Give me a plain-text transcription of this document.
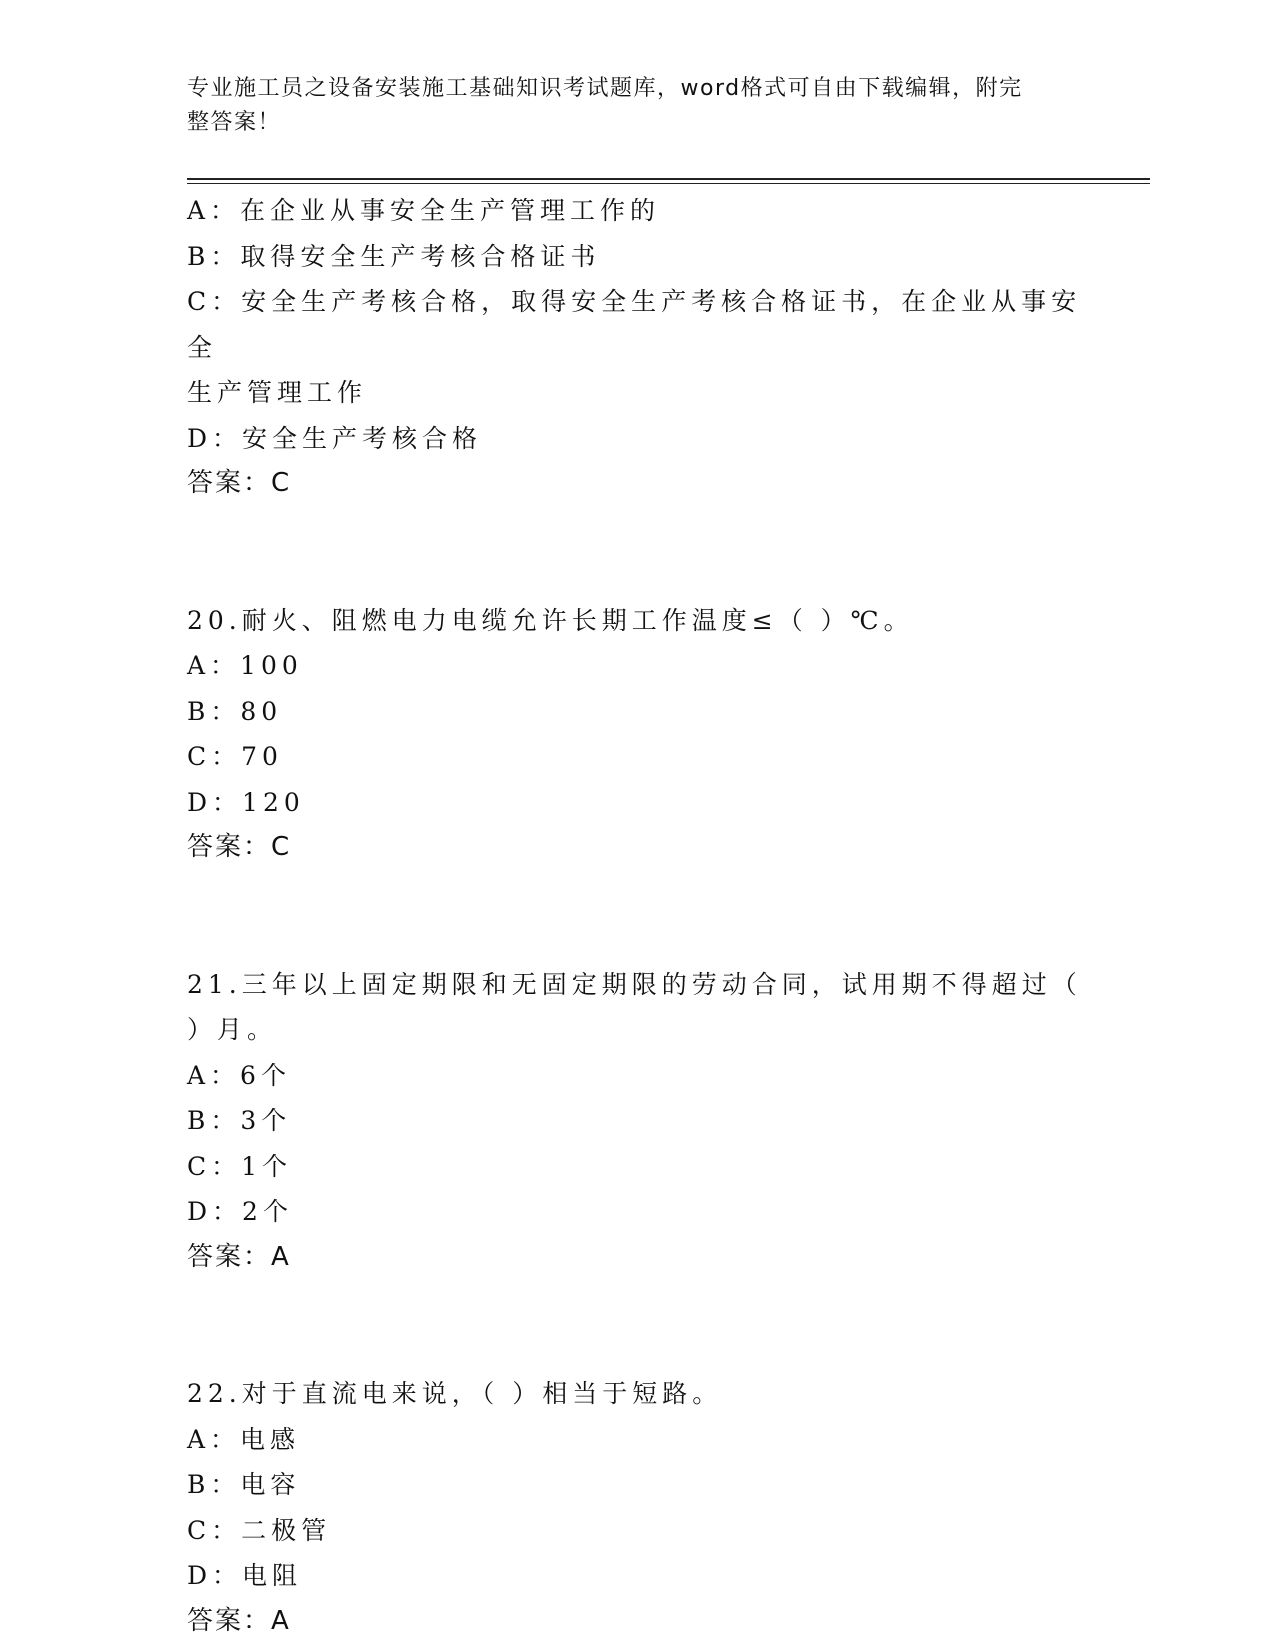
专业施工员之设备安装施工基础知识考试题库，word格式可自由下载编辑，附完
整答案！
A：在企业从事安全生产管理工作的
B：取得安全生产考核合格证书
C：安全生产考核合格，取得安全生产考核合格证书，在企业从事安全
生产管理工作
D：安全生产考核合格
答案：C
20.耐火、阻燃电力电缆允许长期工作温度≤（ ）℃。
A：100
B：80
C：70
D：120
答案：C
21.三年以上固定期限和无固定期限的劳动合同，试用期不得超过（
）月。
A：6个
B：3个
C：1个
D：2个
答案：A
22.对于直流电来说，（ ）相当于短路。
A：电感
B：电容
C：二极管
D：电阻
答案：A
